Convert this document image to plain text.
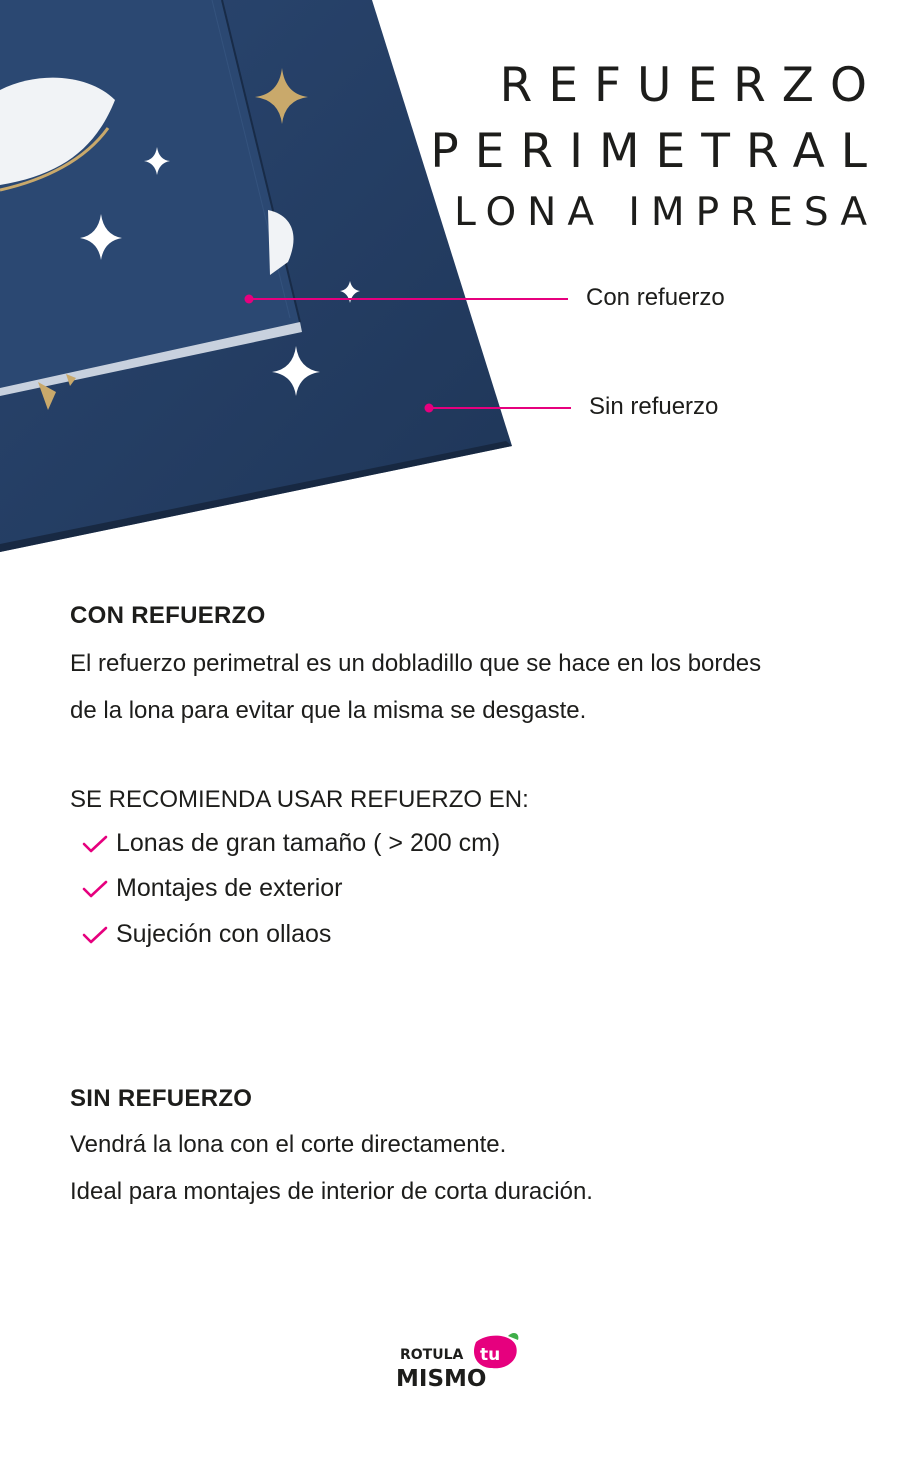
REFUERZO
PERIMETRAL
LONA IMPRESA
Con refuerzo
Sin refuerzo
CON REFUERZO
El refuerzo perimetral es un dobladillo que se hace en los bordes
de la lona para evitar que la misma se desgaste.
SE RECOMIENDA USAR REFUERZO EN:
Lonas de gran tamaño ( > 200 cm)
Montajes de exterior
Sujeción con ollaos
SIN REFUERZO
Vendrá la lona con el corte directamente.
Ideal para montajes de interior de corta duración.
ROTULA tu
MISMO
